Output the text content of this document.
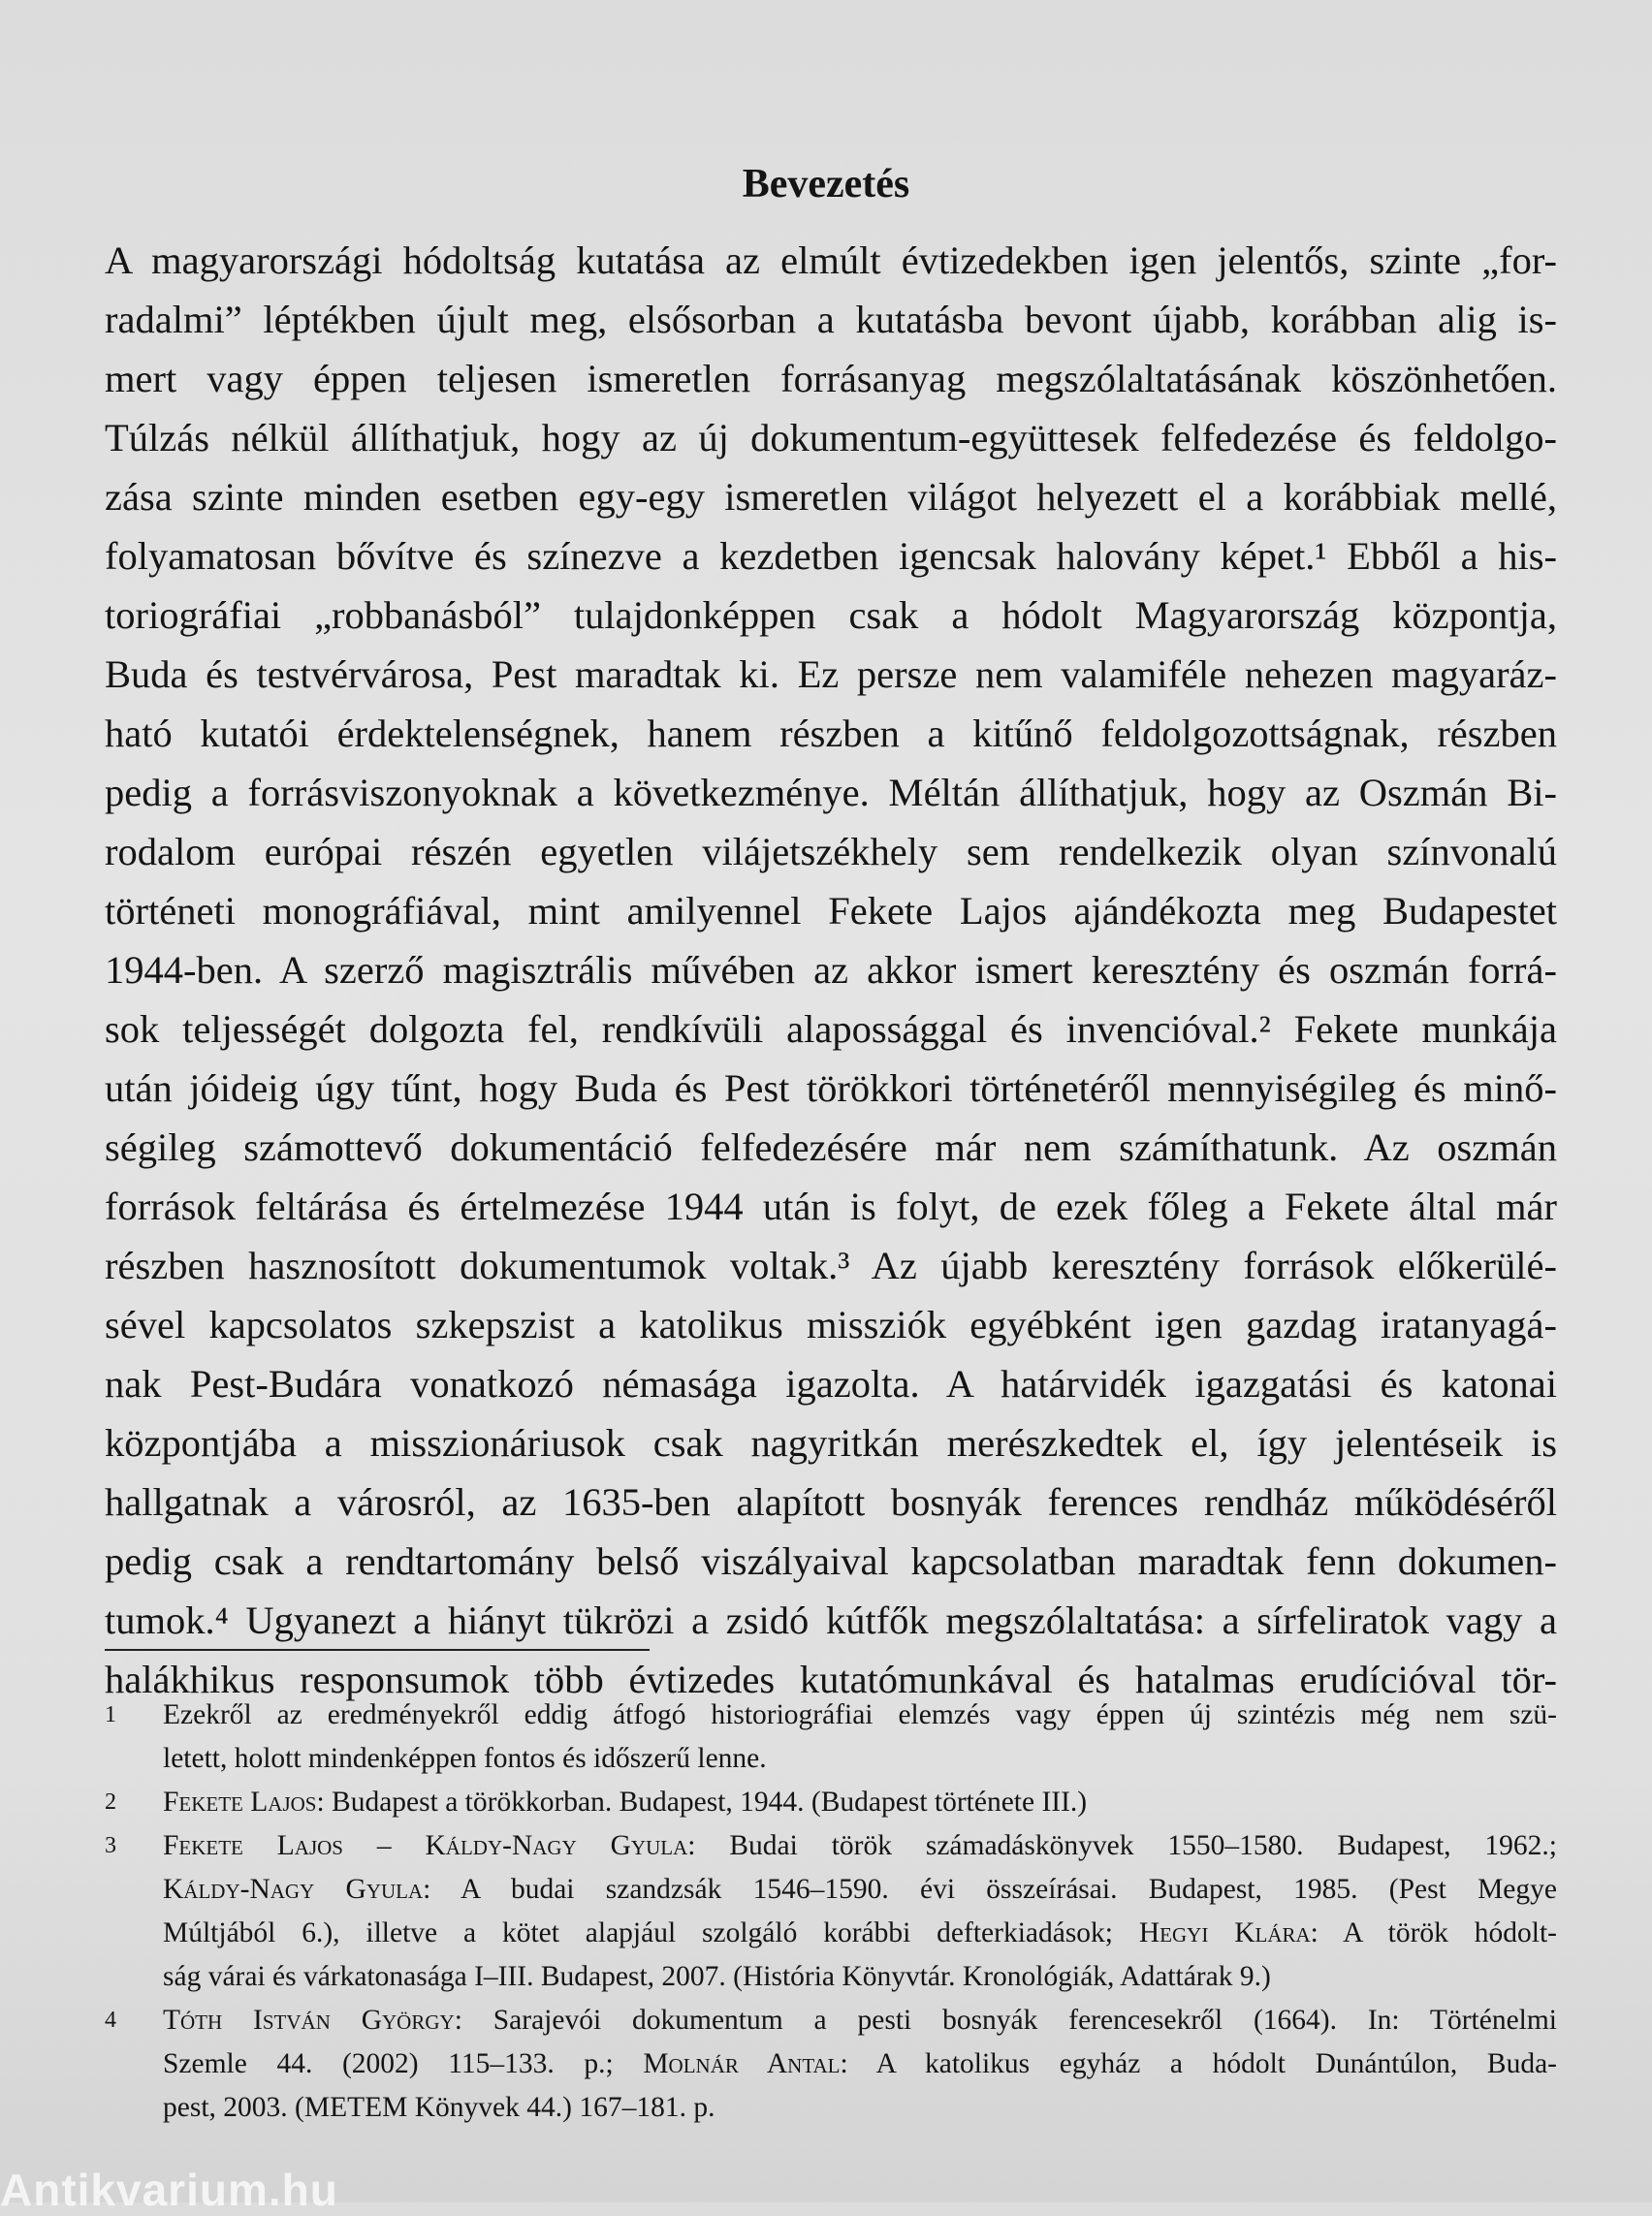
Bevezetés
A magyarországi hódoltság kutatása az elmúlt évtizedekben igen jelentős, szinte „for-
radalmi” léptékben újult meg, elsősorban a kutatásba bevont újabb, korábban alig is-
mert vagy éppen teljesen ismeretlen forrásanyag megszólaltatásának köszönhetően.
Túlzás nélkül állíthatjuk, hogy az új dokumentum-együttesek felfedezése és feldolgo-
zása szinte minden esetben egy-egy ismeretlen világot helyezett el a korábbiak mellé,
folyamatosan bővítve és színezve a kezdetben igencsak halovány képet.¹ Ebből a his-
toriográfiai „robbanásból” tulajdonképpen csak a hódolt Magyarország központja,
Buda és testvérvárosa, Pest maradtak ki. Ez persze nem valamiféle nehezen magyaráz-
ható kutatói érdektelenségnek, hanem részben a kitűnő feldolgozottságnak, részben
pedig a forrásviszonyoknak a következménye. Méltán állíthatjuk, hogy az Oszmán Bi-
rodalom európai részén egyetlen vilájetszékhely sem rendelkezik olyan színvonalú
történeti monográfiával, mint amilyennel Fekete Lajos ajándékozta meg Budapestet
1944-ben. A szerző magisztrális művében az akkor ismert keresztény és oszmán forrá-
sok teljességét dolgozta fel, rendkívüli alapossággal és invencióval.² Fekete munkája
után jóideig úgy tűnt, hogy Buda és Pest törökkori történetéről mennyiségileg és minő-
ségileg számottevő dokumentáció felfedezésére már nem számíthatunk. Az oszmán
források feltárása és értelmezése 1944 után is folyt, de ezek főleg a Fekete által már
részben hasznosított dokumentumok voltak.³ Az újabb keresztény források előkerülé-
sével kapcsolatos szkepszist a katolikus missziók egyébként igen gazdag iratanyagá-
nak Pest-Budára vonatkozó némasága igazolta. A határvidék igazgatási és katonai
központjába a misszionáriusok csak nagyritkán merészkedtek el, így jelentéseik is
hallgatnak a városról, az 1635-ben alapított bosnyák ferences rendház működéséről
pedig csak a rendtartomány belső viszályaival kapcsolatban maradtak fenn dokumen-
tumok.⁴ Ugyanezt a hiányt tükrözi a zsidó kútfők megszólaltatása: a sírfeliratok vagy a
halákhikus responsumok több évtizedes kutatómunkával és hatalmas erudícióval tör-
1	Ezekről az eredményekről eddig átfogó historiográfiai elemzés vagy éppen új szintézis még nem szü-
letett, holott mindenképpen fontos és időszerű lenne.
2	Fekete Lajos: Budapest a törökkorban. Budapest, 1944. (Budapest története III.)
3	Fekete Lajos – Káldy-Nagy Gyula: Budai török számadáskönyvek 1550–1580. Budapest, 1962.;
Káldy-Nagy Gyula: A budai szandzsák 1546–1590. évi összeírásai. Budapest, 1985. (Pest Megye
Múltjából 6.), illetve a kötet alapjául szolgáló korábbi defterkiadások; Hegyi Klára: A török hódolt-
ság várai és várkatonasága I–III. Budapest, 2007. (História Könyvtár. Kronológiák, Adattárak 9.)
4	Tóth István György: Sarajevói dokumentum a pesti bosnyák ferencesekről (1664). In: Történelmi
Szemle 44. (2002) 115–133. p.; Molnár Antal: A katolikus egyház a hódolt Dunántúlon, Buda-
pest, 2003. (METEM Könyvek 44.) 167–181. p.
Antikvarium.hu
